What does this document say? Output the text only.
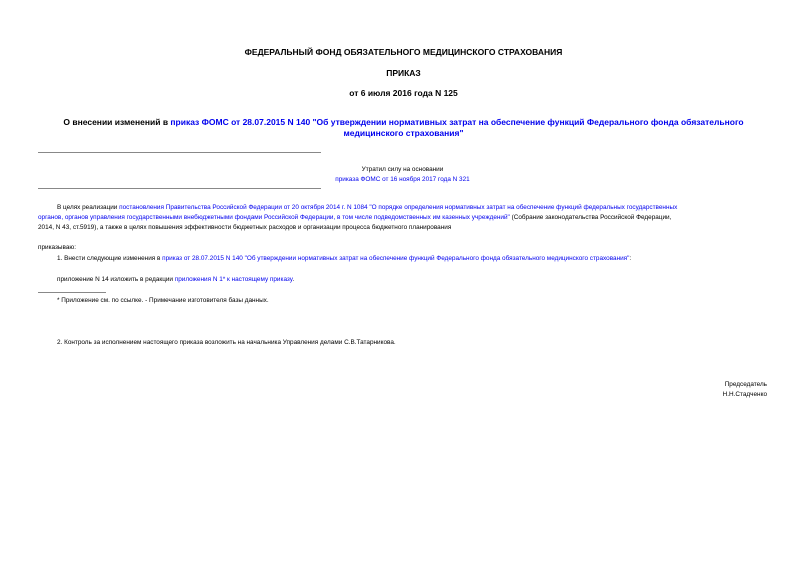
ФЕДЕРАЛЬНЫЙ ФОНД ОБЯЗАТЕЛЬНОГО МЕДИЦИНСКОГО СТРАХОВАНИЯ
ПРИКАЗ
от 6 июля 2016 года N 125
О внесении изменений в приказ ФОМС от 28.07.2015 N 140 "Об утверждении нормативных затрат на обеспечение функций Федерального фонда обязательного
медицинского страхования"
Утратил силу на основании
приказа ФОМС от 16 ноября 2017 года N 321
В целях реализации постановления Правительства Российской Федерации от 20 октября 2014 г. N 1084 "О порядке определения нормативных затрат на обеспечение функций федеральных государственных
органов, органов управления государственными внебюджетными фондами Российской Федерации, в том числе подведомственных им казенных учреждений" (Собрание законодательства Российской Федерации,
2014, N 43, ст.5919), а также в целях повышения эффективности бюджетных расходов и организации процесса бюджетного планирования
приказываю:
1. Внести следующие изменения в приказ от 28.07.2015 N 140 "Об утверждении нормативных затрат на обеспечение функций Федерального фонда обязательного медицинского страхования":
приложение N 14 изложить в редакции приложения N 1* к настоящему приказу.
* Приложение см. по ссылке. - Примечание изготовителя базы данных.
2. Контроль за исполнением настоящего приказа возложить на начальника Управления делами С.В.Татарникова.
Председатель
Н.Н.Стадченко
